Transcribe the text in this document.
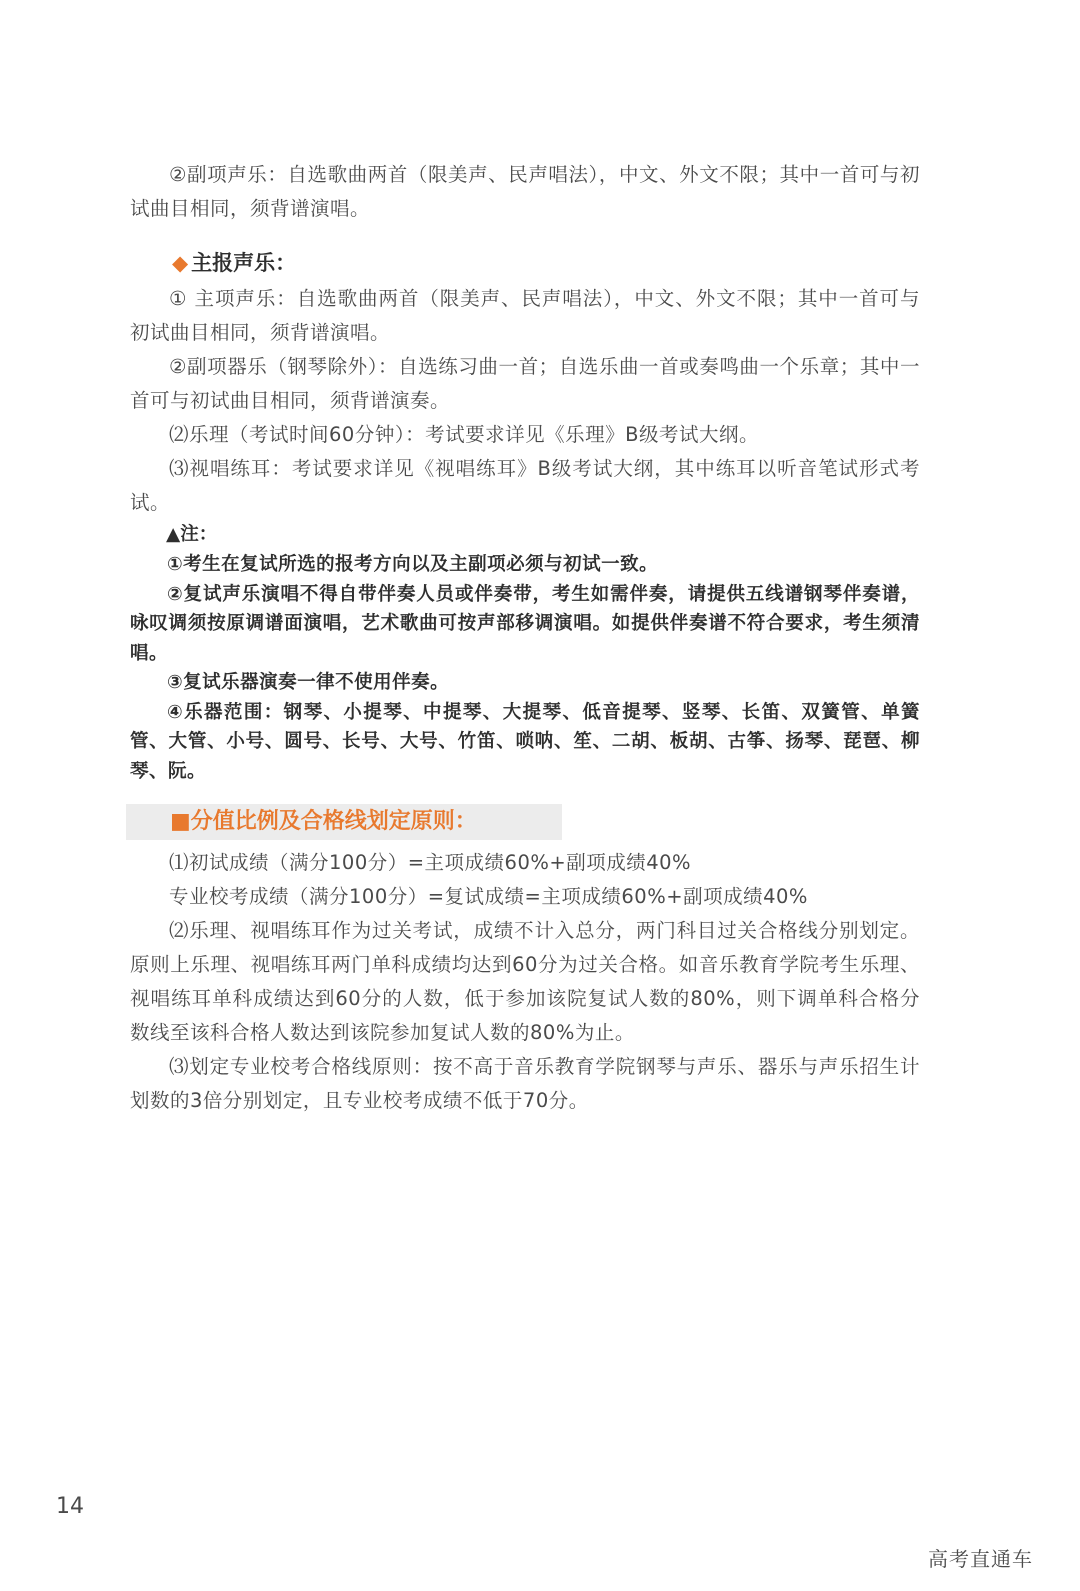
②副项声乐：自选歌曲两首（限美声、民声唱法），中文、外文不限；其中一首可与初试曲目相同，须背谱演唱。

◆ 主报声乐：

① 主项声乐：自选歌曲两首（限美声、民声唱法），中文、外文不限；其中一首可与初试曲目相同，须背谱演唱。

②副项器乐（钢琴除外）：自选练习曲一首；自选乐曲一首或奏鸣曲一个乐章；其中一首可与初试曲目相同，须背谱演奏。

⑵乐理（考试时间60分钟）：考试要求详见《乐理》B级考试大纲。

⑶视唱练耳：考试要求详见《视唱练耳》B级考试大纲，其中练耳以听音笔试形式考试。

▲注：

①考生在复试所选的报考方向以及主副项必须与初试一致。

②复试声乐演唱不得自带伴奏人员或伴奏带，考生如需伴奏，请提供五线谱钢琴伴奏谱，咏叹调须按原调谱面演唱，艺术歌曲可按声部移调演唱。如提供伴奏谱不符合要求，考生须清唱。

③复试乐器演奏一律不使用伴奏。

④乐器范围：钢琴、小提琴、中提琴、大提琴、低音提琴、竖琴、长笛、双簧管、单簧管、大管、小号、圆号、长号、大号、竹笛、唢呐、笙、二胡、板胡、古筝、扬琴、琵琶、柳琴、阮。

■分值比例及合格线划定原则：

⑴初试成绩（满分100分）=主项成绩60%+副项成绩40%

专业校考成绩（满分100分）=复试成绩=主项成绩60%+副项成绩40%

⑵乐理、视唱练耳作为过关考试，成绩不计入总分，两门科目过关合格线分别划定。原则上乐理、视唱练耳两门单科成绩均达到60分为过关合格。如音乐教育学院考生乐理、视唱练耳单科成绩达到60分的人数，低于参加该院复试人数的80%，则下调单科合格分数线至该科合格人数达到该院参加复试人数的80%为止。

⑶划定专业校考合格线原则：按不高于音乐教育学院钢琴与声乐、器乐与声乐招生计划数的3倍分别划定，且专业校考成绩不低于70分。

14
高考直通车
